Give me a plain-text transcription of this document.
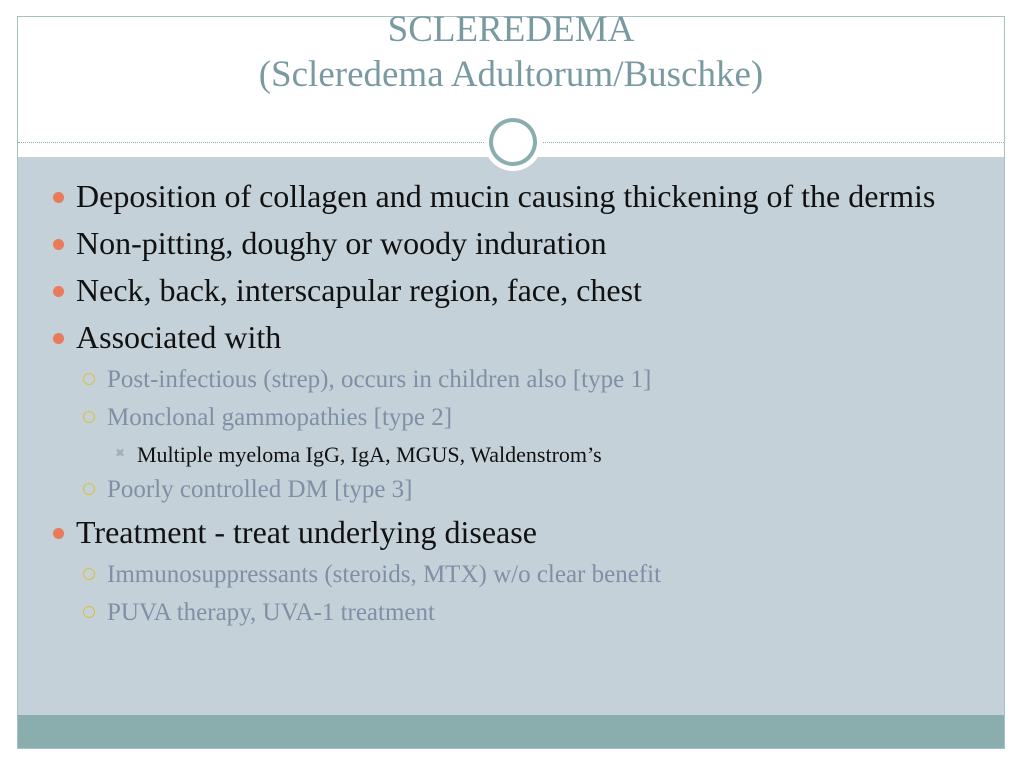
SCLEREDEMA
(Scleredema Adultorum/Buschke)
Deposition of collagen and mucin causing thickening of the dermis
Non-pitting, doughy or woody induration
Neck, back, interscapular region, face, chest
Associated with
Post-infectious (strep), occurs in children also [type 1]
Monclonal gammopathies [type 2]
✖ Multiple myeloma IgG, IgA, MGUS, Waldenstrom’s
Poorly controlled DM [type 3]
Treatment - treat underlying disease
Immunosuppressants (steroids, MTX) w/o clear benefit
PUVA therapy, UVA-1 treatment
